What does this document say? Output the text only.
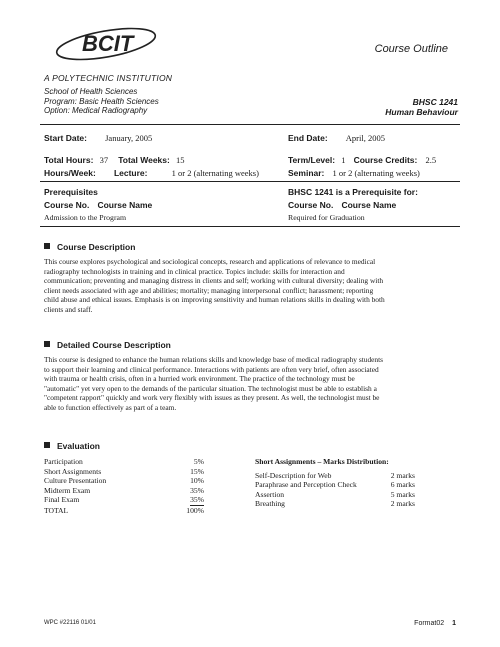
BCIT
A POLYTECHNIC INSTITUTION
Course Outline
School of Health Sciences
Program: Basic Health Sciences
Option: Medical Radiography
BHSC 1241
Human Behaviour
Start Date: January, 2005	End Date: April, 2005
Total Hours: 37 Total Weeks: 15	Term/Level: 1 Course Credits: 2.5
Hours/Week: Lecture:	1 or 2 (alternating weeks)	Seminar: 1 or 2 (alternating weeks)
Prerequisites
Course No. Course Name
Admission to the Program
BHSC 1241 is a Prerequisite for:
Course No. Course Name
Required for Graduation
Course Description
This course explores psychological and sociological concepts, research and applications of relevance to medical
radiography technologists in training and in clinical practice. Topics include: skills for interaction and
communication; preventing and managing distress in clients and self; working with cultural diversity; dealing with
client needs associated with age and abilities; mortality; managing interpersonal conflict; harassment; reporting
child abuse and ethical issues. Emphasis is on improving sensitivity and human relations skills in dealing with both
clients and staff.
Detailed Course Description
This course is designed to enhance the human relations skills and knowledge base of medical radiography students
to support their learning and clinical performance. Interactions with patients are often very brief, often associated
with trauma or health crisis, often in a hurried work environment. The practice of the technology must be
"automatic" yet very open to the demands of the particular situation. The technologist must be able to establish a
"competent rapport" quickly and work very flexibly with issues as they present. As well, the technologist must be
able to function effectively as part of a team.
Evaluation
Participation	5%
Short Assignments	15%
Culture Presentation	10%
Midterm Exam	35%
Final Exam	35%
TOTAL	100%
Short Assignments – Marks Distribution:
Self-Description for Web	2 marks
Paraphrase and Perception Check	6 marks
Assertion	5 marks
Breathing	2 marks
WPC #22116 01/01	Format02 1
